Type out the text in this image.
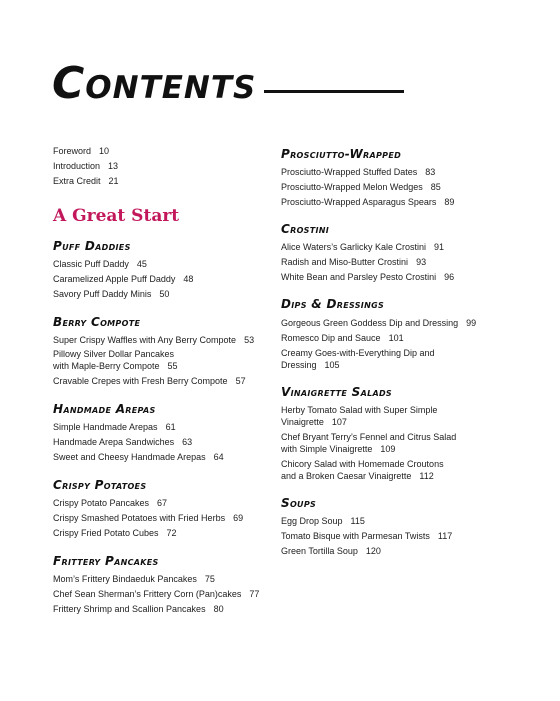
Contents
Foreword 10
Introduction 13
Extra Credit 21
A Great Start
Puff Daddies
Classic Puff Daddy 45
Caramelized Apple Puff Daddy 48
Savory Puff Daddy Minis 50
Berry Compote
Super Crispy Waffles with Any Berry Compote 53
Pillowy Silver Dollar Pancakes
with Maple-Berry Compote 55
Cravable Crepes with Fresh Berry Compote 57
Handmade Arepas
Simple Handmade Arepas 61
Handmade Arepa Sandwiches 63
Sweet and Cheesy Handmade Arepas 64
Crispy Potatoes
Crispy Potato Pancakes 67
Crispy Smashed Potatoes with Fried Herbs 69
Crispy Fried Potato Cubes 72
Frittery Pancakes
Mom’s Frittery Bindaeduk Pancakes 75
Chef Sean Sherman’s Frittery Corn (Pan)cakes 77
Frittery Shrimp and Scallion Pancakes 80
Prosciutto-Wrapped
Prosciutto-Wrapped Stuffed Dates 83
Prosciutto-Wrapped Melon Wedges 85
Prosciutto-Wrapped Asparagus Spears 89
Crostini
Alice Waters’s Garlicky Kale Crostini 91
Radish and Miso-Butter Crostini 93
White Bean and Parsley Pesto Crostini 96
Dips & Dressings
Gorgeous Green Goddess Dip and Dressing 99
Romesco Dip and Sauce 101
Creamy Goes-with-Everything Dip and
Dressing 105
Vinaigrette Salads
Herby Tomato Salad with Super Simple
Vinaigrette 107
Chef Bryant Terry’s Fennel and Citrus Salad
with Simple Vinaigrette 109
Chicory Salad with Homemade Croutons
and a Broken Caesar Vinaigrette 112
Soups
Egg Drop Soup 115
Tomato Bisque with Parmesan Twists 117
Green Tortilla Soup 120
